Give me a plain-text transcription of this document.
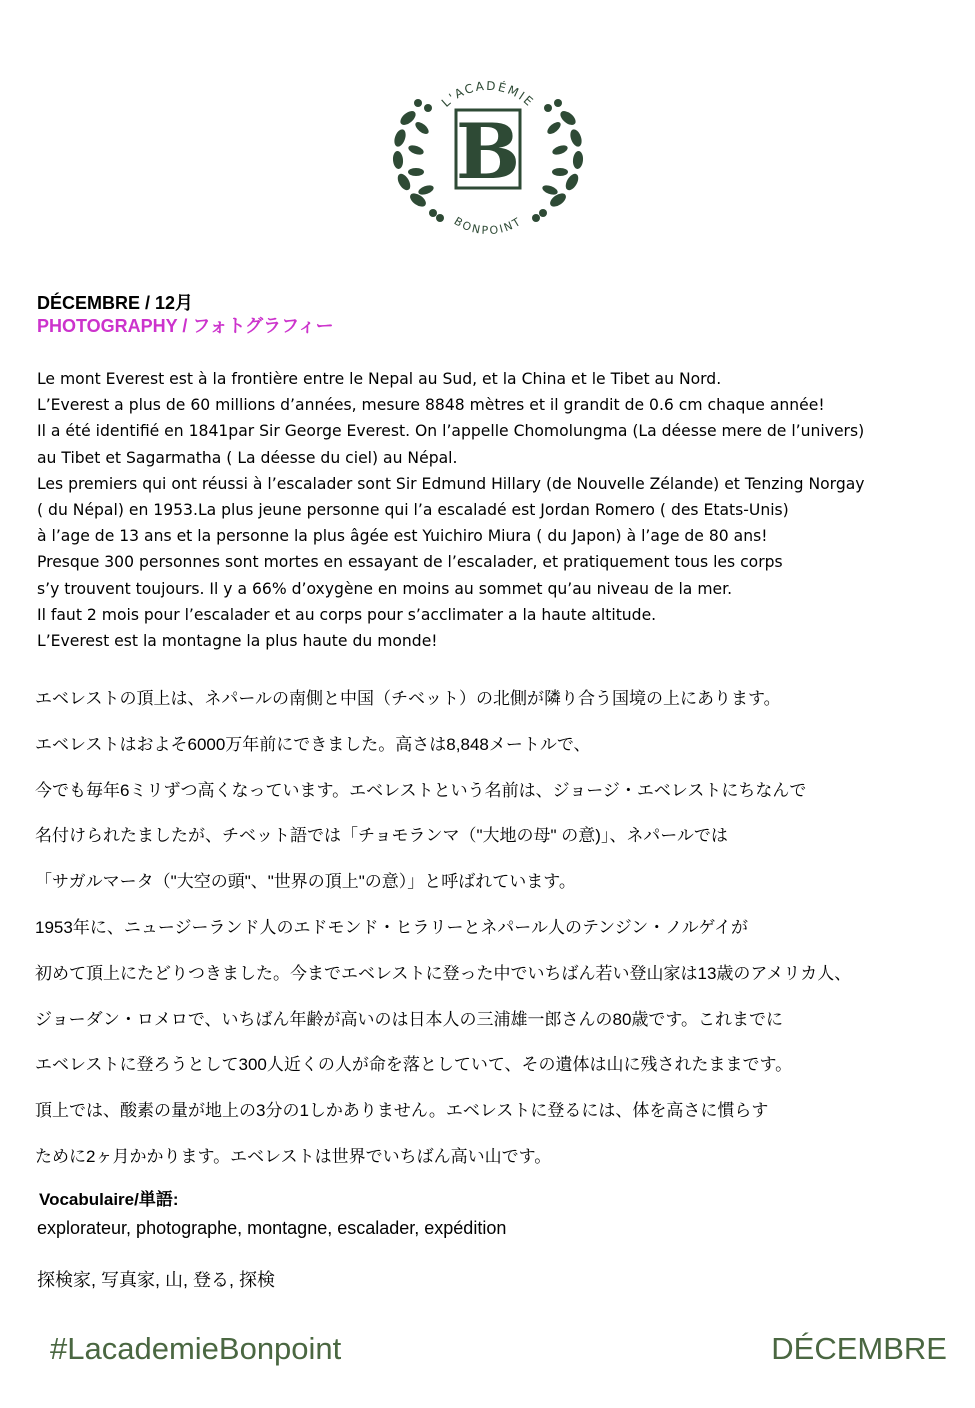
L'ACADÉMIE
BONPOINT
B
DÉCEMBRE / 12月
PHOTOGRAPHY / フォトグラフィー
Le mont Everest est à la frontière entre le Nepal au Sud, et la China et le Tibet au Nord.
L’Everest a plus de 60 millions d’années, mesure 8848 mètres et il grandit de 0.6 cm chaque année!
Il a été identifié en 1841par Sir George Everest. On l’appelle Chomolungma (La déesse mere de l’univers)
au Tibet et Sagarmatha ( La déesse du ciel) au Népal.
Les premiers qui ont réussi à l’escalader sont Sir Edmund Hillary (de Nouvelle Zélande) et Tenzing Norgay
( du Népal) en 1953.La plus jeune personne qui l’a escaladé est Jordan Romero ( des Etats-Unis)
à l’age de 13 ans et la personne la plus âgée est Yuichiro Miura ( du Japon) à l’age de 80 ans!
Presque 300 personnes sont mortes en essayant de l’escalader, et pratiquement tous les corps
s’y trouvent toujours. Il y a 66% d’oxygène en moins au sommet qu’au niveau de la mer.
Il faut 2 mois pour l’escalader et au corps pour s’acclimater a la haute altitude.
L’Everest est la montagne la plus haute du monde!
エベレストの頂上は、ネパールの南側と中国（チベット）の北側が隣り合う国境の上にあります。
エベレストはおよそ6000万年前にできました。高さは8,848メートルで、
今でも毎年6ミリずつ高くなっています。エベレストという名前は、ジョージ・エベレストにちなんで
名付けられたましたが、チベット語では「チョモランマ（"大地の母" の意)」、ネパールでは
「サガルマータ（"大空の頭"、"世界の頂上"の意）」と呼ばれています。
1953年に、ニュージーランド人のエドモンド・ヒラリーとネパール人のテンジン・ノルゲイが
初めて頂上にたどりつきました。今までエベレストに登った中でいちばん若い登山家は13歳のアメリカ人、
ジョーダン・ロメロで、いちばん年齢が高いのは日本人の三浦雄一郎さんの80歳です。これまでに
エベレストに登ろうとして300人近くの人が命を落としていて、その遺体は山に残されたままです。
頂上では、酸素の量が地上の3分の1しかありません。エベレストに登るには、体を高さに慣らす
ために2ヶ月かかります。エベレストは世界でいちばん高い山です。
Vocabulaire/単語:
explorateur, photographe, montagne, escalader, expédition
探検家, 写真家, 山, 登る, 探検
#LacademieBonpoint	DÉCEMBRE
